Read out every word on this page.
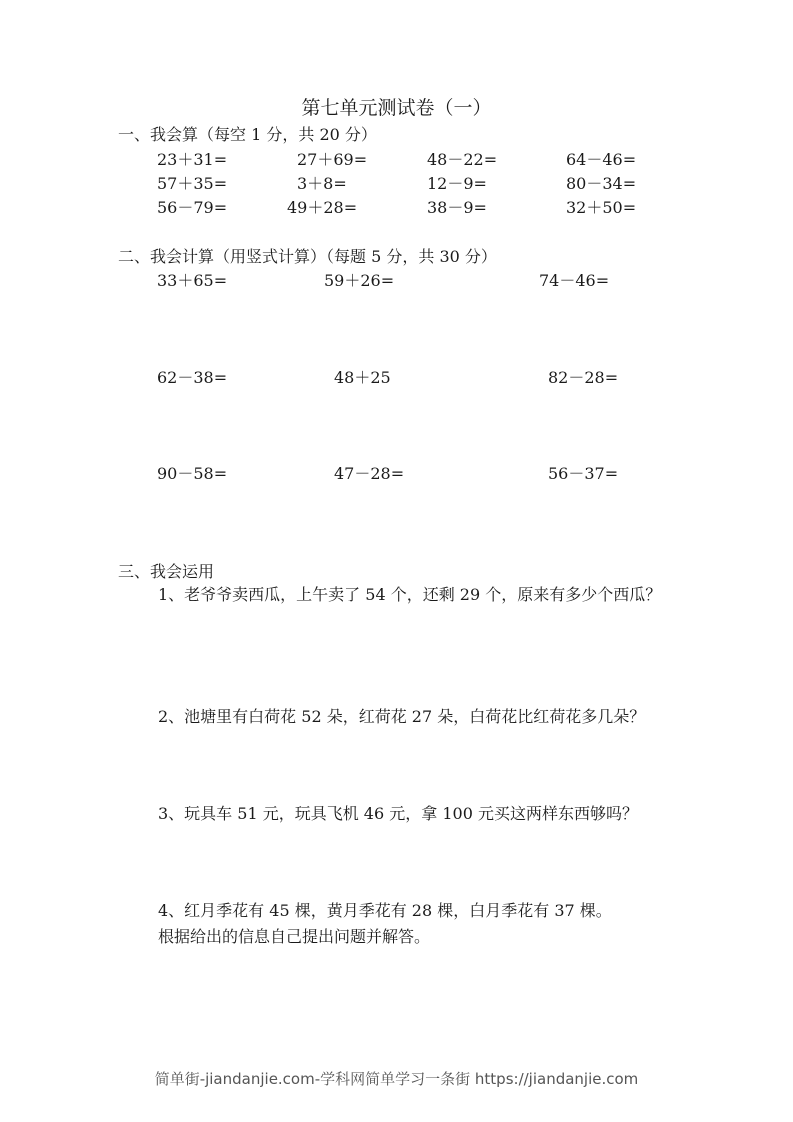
第七单元测试卷（一）
一、我会算（每空 1 分，共 20 分）
23＋31=	27＋69=	48－22=	64－46=
57＋35=	3＋8=	12－9=	80－34=
56－79=	49＋28=	38－9=	32＋50=
二、我会计算（用竖式计算）（每题 5 分，共 30 分）
33＋65=	59＋26=	74－46=
62－38=	48＋25	82－28=
90－58=	47－28=	56－37=
三、我会运用
1、老爷爷卖西瓜，上午卖了 54 个，还剩 29 个，原来有多少个西瓜？
2、池塘里有白荷花 52 朵，红荷花 27 朵，白荷花比红荷花多几朵？
3、玩具车 51 元，玩具飞机 46 元，拿 100 元买这两样东西够吗？
4、红月季花有 45 棵，黄月季花有 28 棵，白月季花有 37 棵。
根据给出的信息自己提出问题并解答。
简单街-jiandanjie.com-学科网简单学习一条街 https://jiandanjie.com
